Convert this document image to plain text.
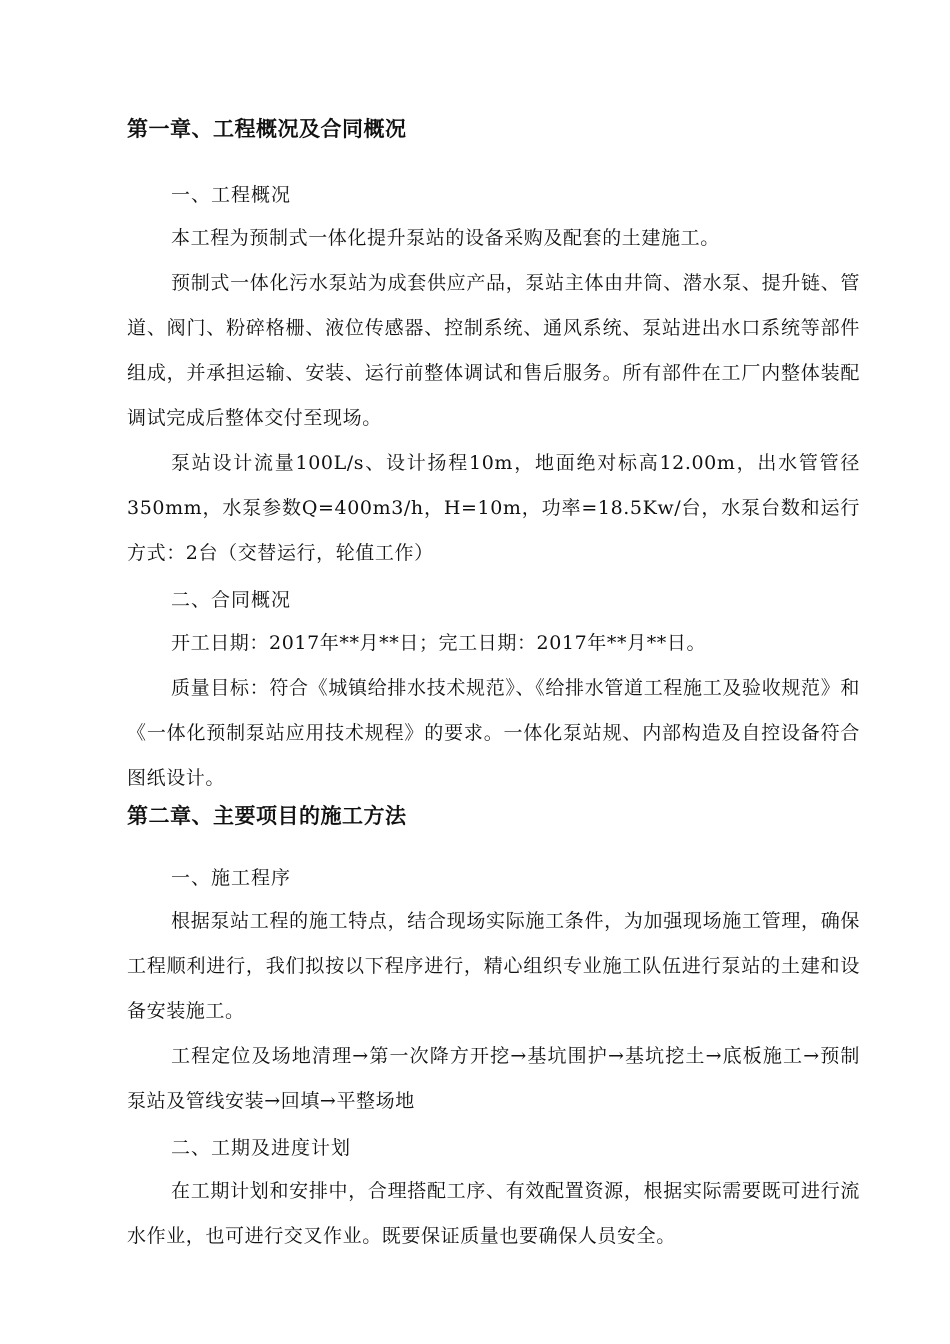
第一章、工程概况及合同概况
一、工程概况

本工程为预制式一体化提升泵站的设备采购及配套的土建施工。

预制式一体化污水泵站为成套供应产品，泵站主体由井筒、潜水泵、提升链、管道、阀门、粉碎格栅、液位传感器、控制系统、通风系统、泵站进出水口系统等部件组成，并承担运输、安装、运行前整体调试和售后服务。所有部件在工厂内整体装配调试完成后整体交付至现场。

泵站设计流量100L/s、设计扬程10m，地面绝对标高12.00m，出水管管径350mm，水泵参数Q=400m3/h，H=10m，功率=18.5Kw/台，水泵台数和运行方式：2台（交替运行，轮值工作）

二、合同概况

开工日期：2017年**月**日；完工日期：2017年**月**日。

质量目标：符合《城镇给排水技术规范》、《给排水管道工程施工及验收规范》和《一体化预制泵站应用技术规程》的要求。一体化泵站规、内部构造及自控设备符合图纸设计。

第二章、主要项目的施工方法
一、施工程序

根据泵站工程的施工特点，结合现场实际施工条件，为加强现场施工管理，确保工程顺利进行，我们拟按以下程序进行，精心组织专业施工队伍进行泵站的土建和设备安装施工。

工程定位及场地清理→第一次降方开挖→基坑围护→基坑挖土→底板施工→预制泵站及管线安装→回填→平整场地

二、工期及进度计划

在工期计划和安排中，合理搭配工序、有效配置资源，根据实际需要既可进行流水作业，也可进行交叉作业。既要保证质量也要确保人员安全。
